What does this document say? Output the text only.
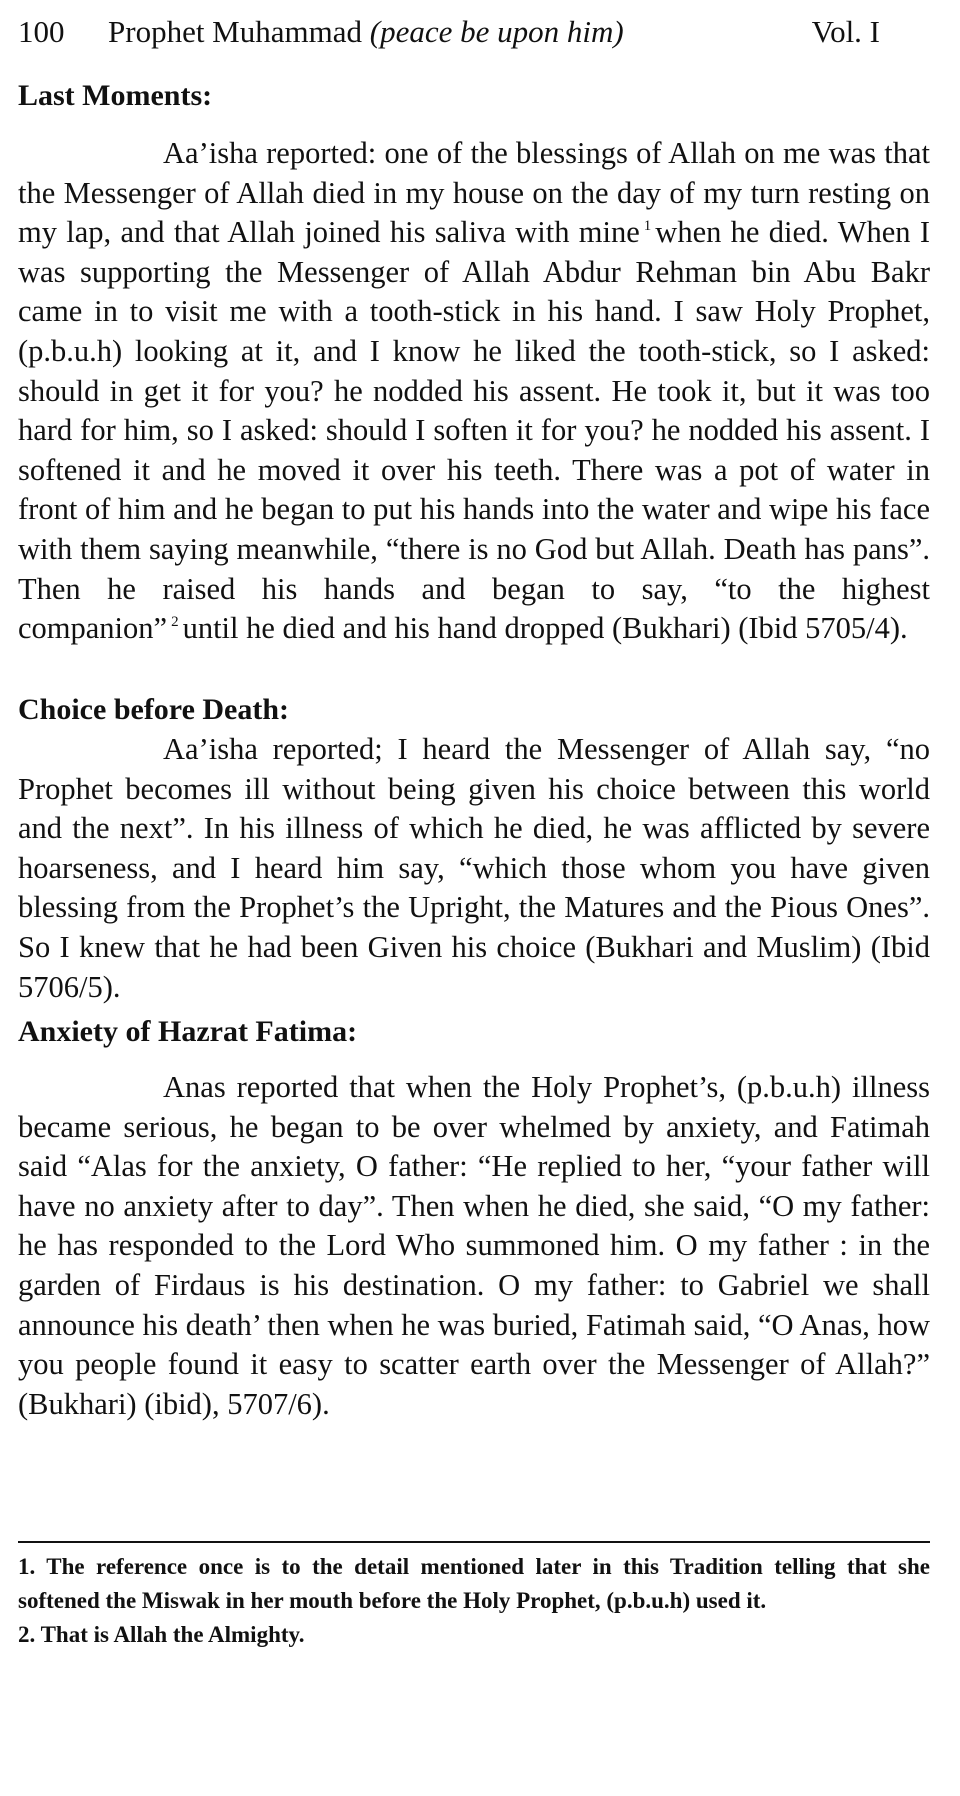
100 Prophet Muhammad (peace be upon him)	Vol. I
Last Moments:

Aa’isha reported: one of the blessings of Allah on me was that the Messenger of Allah died in my house on the day of my turn resting on my lap, and that Allah joined his saliva with mine $^1$ when he died. When I was supporting the Messenger of Allah Abdur Rehman bin Abu Bakr came in to visit me with a tooth-stick in his hand. I saw Holy Prophet, (p.b.u.h) looking at it, and I know he liked the tooth-stick, so I asked: should in get it for you? he nodded his assent. He took it, but it was too hard for him, so I asked: should I soften it for you? he nodded his assent. I softened it and he moved it over his teeth. There was a pot of water in front of him and he began to put his hands into the water and wipe his face with them saying meanwhile, “there is no God but Allah. Death has pans”. Then he raised his hands and began to say, “to the highest companion” $^2$ until he died and his hand dropped (Bukhari) (Ibid 5705/4).

Choice before Death:

Aa’isha reported; I heard the Messenger of Allah say, “no Prophet becomes ill without being given his choice between this world and the next”. In his illness of which he died, he was afflicted by severe hoarseness, and I heard him say, “which those whom you have given blessing from the Prophet’s the Upright, the Matures and the Pious Ones”. So I knew that he had been Given his choice (Bukhari and Muslim) (Ibid 5706/5).

Anxiety of Hazrat Fatima:

Anas reported that when the Holy Prophet’s, (p.b.u.h) illness became serious, he began to be over whelmed by anxiety, and Fatimah said “Alas for the anxiety, O father: “He replied to her, “your father will have no anxiety after to day”. Then when he died, she said, “O my father: he has responded to the Lord Who summoned him. O my father : in the garden of Firdaus is his destination. O my father: to Gabriel we shall announce his death’ then when he was buried, Fatimah said, “O Anas, how you people found it easy to scatter earth over the Messenger of Allah?” (Bukhari) (ibid), 5707/6).

1. The reference once is to the detail mentioned later in this Tradition telling that she softened the Miswak in her mouth before the Holy Prophet, (p.b.u.h) used it.

2. That is Allah the Almighty.
